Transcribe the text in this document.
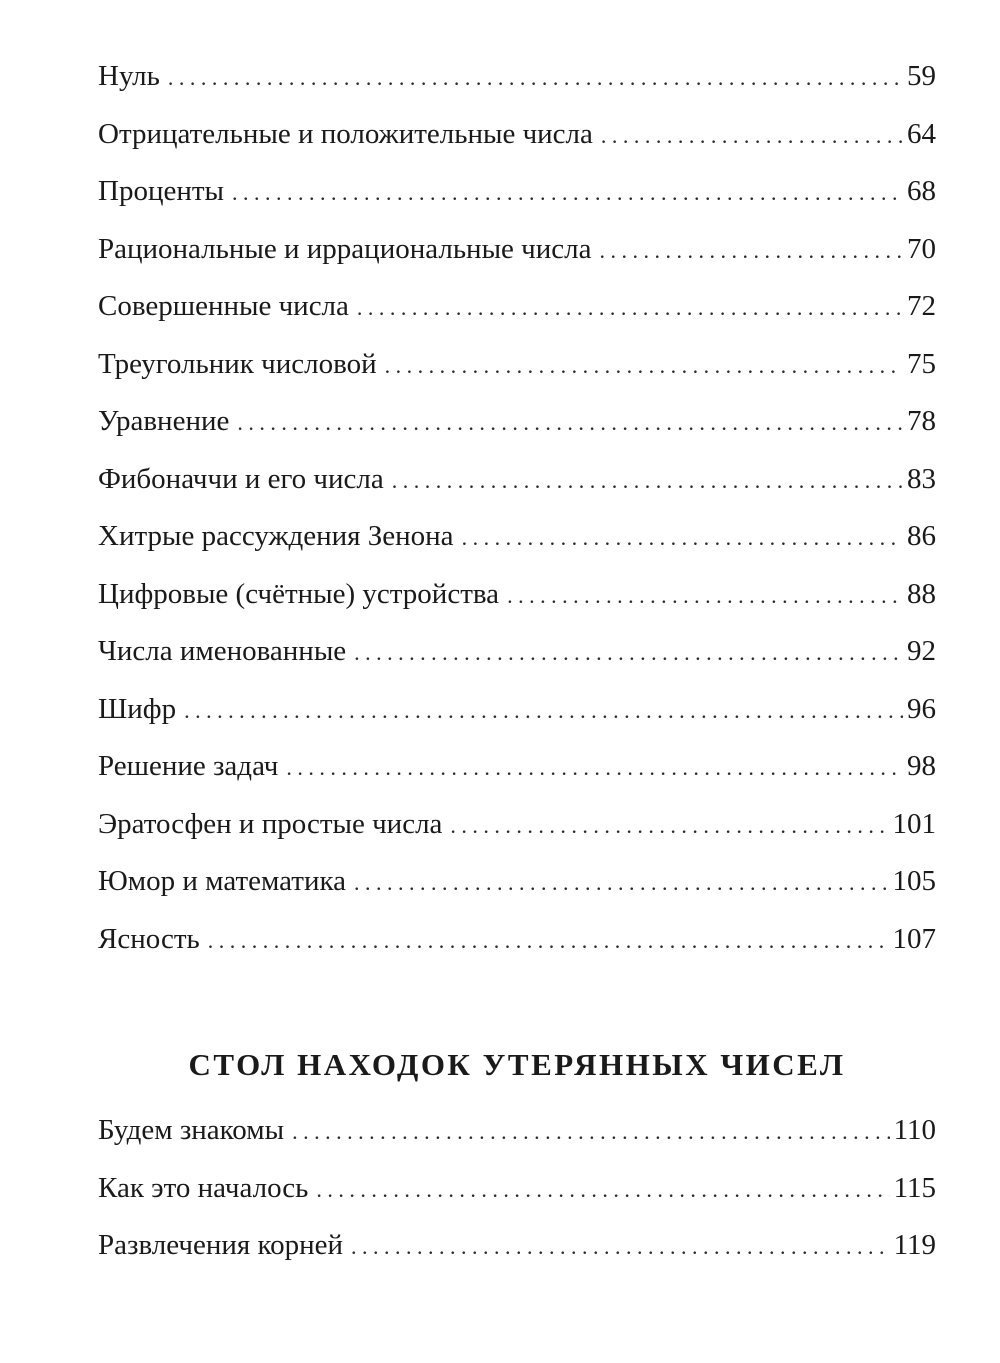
Нуль . . .	59
Отрицательные и положительные числа . . .	64
Проценты . . .	68
Рациональные и иррациональные числа . . .	70
Совершенные числа . . .	72
Треугольник числовой . . .	75
Уравнение . . .	78
Фибоначчи и его числа . . .	83
Хитрые рассуждения Зенона . . .	86
Цифровые (счётные) устройства . . .	88
Числа именованные . . .	92
Шифр . . .	96
Решение задач . . .	98
Эратосфен и простые числа . . .	101
Юмор и математика . . .	105
Ясность . . .	107
СТОЛ НАХОДОК УТЕРЯННЫХ ЧИСЕЛ
Будем знакомы . . .	110
Как это началось . . .	115
Развлечения корней . . .	119
